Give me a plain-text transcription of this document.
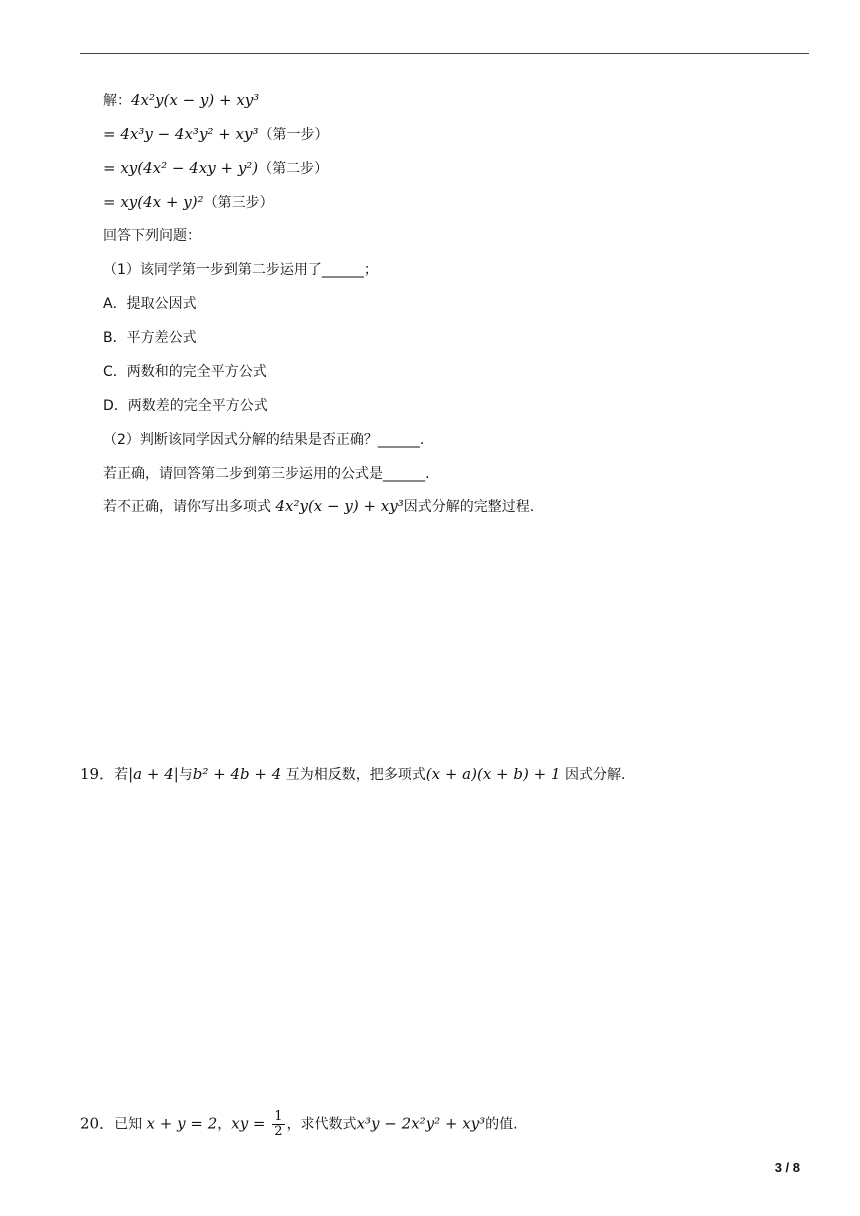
解：4x²y(x − y) + xy³
= 4x³y − 4x³y² + xy³（第一步）
= xy(4x² − 4xy + y²)（第二步）
= xy(4x + y)²（第三步）
回答下列问题：
（1）该同学第一步到第二步运用了______；
A．提取公因式
B．平方差公式
C．两数和的完全平方公式
D．两数差的完全平方公式
（2）判断该同学因式分解的结果是否正确？______.
若正确，请回答第二步到第三步运用的公式是______.
若不正确，请你写出多项式 4x²y(x − y) + xy³因式分解的完整过程.
19．若|a + 4|与b² + 4b + 4 互为相反数，把多项式(x + a)(x + b) + 1 因式分解.
20．已知 x + y = 2，xy = $\frac{1}{2}$ ，求代数式x³y − 2x²y² + xy³的值.
3 / 8
